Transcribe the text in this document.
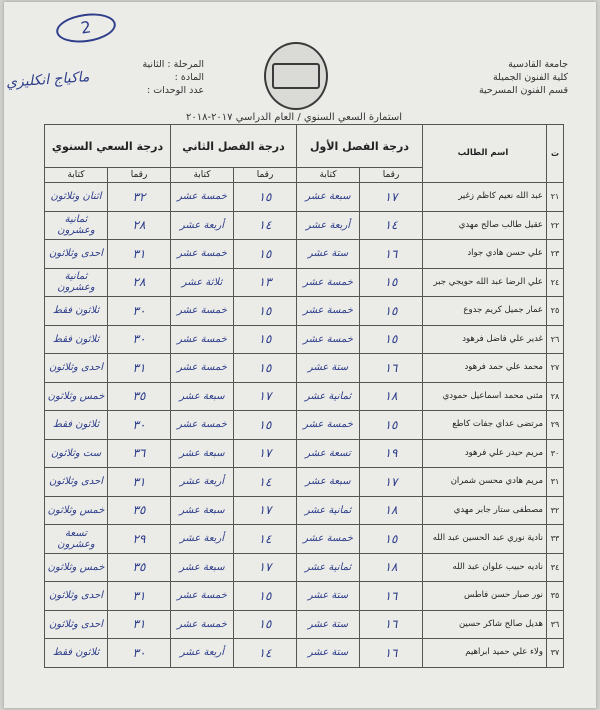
2
جامعة القادسية
كلية الفنون الجميلة
قسم الفنون المسرحية
المرحلة : الثانية
المادة :
عدد الوحدات :
ماكياج انكليزي
استمارة السعي السنوي / العام الدراسي ٢٠١٧-٢٠١٨
ت	اسم الطالب	درجة الفصل الأول		درجة الفصل الثاني		درجة السعي السنوي	
		رقما	كتابة	رقما	كتابة	رقما	كتابة
٢١	عبد الله نعيم كاظم زغير	١٧	سبعة عشر	١٥	خمسة عشر	٣٢	اثنان وثلاثون
٢٢	عقيل طالب صالح مهدي	١٤	أربعة عشر	١٤	أربعة عشر	٢٨	ثمانية وعشرون
٢٣	علي حسن هادي جواد	١٦	ستة عشر	١٥	خمسة عشر	٣١	احدى وثلاثون
٢٤	علي الرضا عبد الله حويجي جبر	١٥	خمسة عشر	١٣	ثلاثة عشر	٢٨	ثمانية وعشرون
٢٥	عمار جميل كريم جدوع	١٥	خمسة عشر	١٥	خمسة عشر	٣٠	ثلاثون فقط
٢٦	غدير علي فاضل فرهود	١٥	خمسة عشر	١٥	خمسة عشر	٣٠	ثلاثون فقط
٢٧	محمد علي حمد فرهود	١٦	ستة عشر	١٥	خمسة عشر	٣١	احدى وثلاثون
٢٨	مثنى محمد اسماعيل حمودي	١٨	ثمانية عشر	١٧	سبعة عشر	٣٥	خمس وثلاثون
٢٩	مرتضى عداي جفات كاطع	١٥	خمسة عشر	١٥	خمسة عشر	٣٠	ثلاثون فقط
٣٠	مريم حيدر علي فرهود	١٩	تسعة عشر	١٧	سبعة عشر	٣٦	ست وثلاثون
٣١	مريم هادي محسن شمران	١٧	سبعة عشر	١٤	أربعة عشر	٣١	احدى وثلاثون
٣٢	مصطفى ستار جابر مهدي	١٨	ثمانية عشر	١٧	سبعة عشر	٣٥	خمس وثلاثون
٣٣	نادية نوري عبد الحسين عبد الله	١٥	خمسة عشر	١٤	أربعة عشر	٢٩	تسعة وعشرون
٣٤	ناديه حبيب علوان عبد الله	١٨	ثمانية عشر	١٧	سبعة عشر	٣٥	خمس وثلاثون
٣٥	نور صبار حسن فاطس	١٦	ستة عشر	١٥	خمسة عشر	٣١	احدى وثلاثون
٣٦	هديل صالح شاكر حسين	١٦	ستة عشر	١٥	خمسة عشر	٣١	احدى وثلاثون
٣٧	ولاء علي حميد ابراهيم	١٦	ستة عشر	١٤	أربعة عشر	٣٠	ثلاثون فقط
